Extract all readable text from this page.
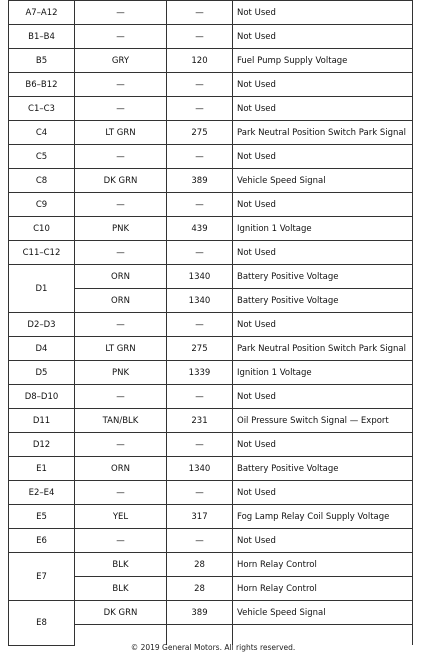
A7–A12	—	—	Not Used
B1–B4	—	—	Not Used
B5	GRY	120	Fuel Pump Supply Voltage
B6–B12	—	—	Not Used
C1–C3	—	—	Not Used
C4	LT GRN	275	Park Neutral Position Switch Park Signal
C5	—	—	Not Used
C8	DK GRN	389	Vehicle Speed Signal
C9	—	—	Not Used
C10	PNK	439	Ignition 1 Voltage
C11–C12	—	—	Not Used
D1	ORN	1340	Battery Positive Voltage
	ORN	1340	Battery Positive Voltage
D2–D3	—	—	Not Used
D4	LT GRN	275	Park Neutral Position Switch Park Signal
D5	PNK	1339	Ignition 1 Voltage
D8–D10	—	—	Not Used
D11	TAN/BLK	231	Oil Pressure Switch Signal — Export
D12	—	—	Not Used
E1	ORN	1340	Battery Positive Voltage
E2–E4	—	—	Not Used
E5	YEL	317	Fog Lamp Relay Coil Supply Voltage
E6	—	—	Not Used
E7	BLK	28	Horn Relay Control
	BLK	28	Horn Relay Control
E8	DK GRN	389	Vehicle Speed Signal

© 2019 General Motors. All rights reserved.
